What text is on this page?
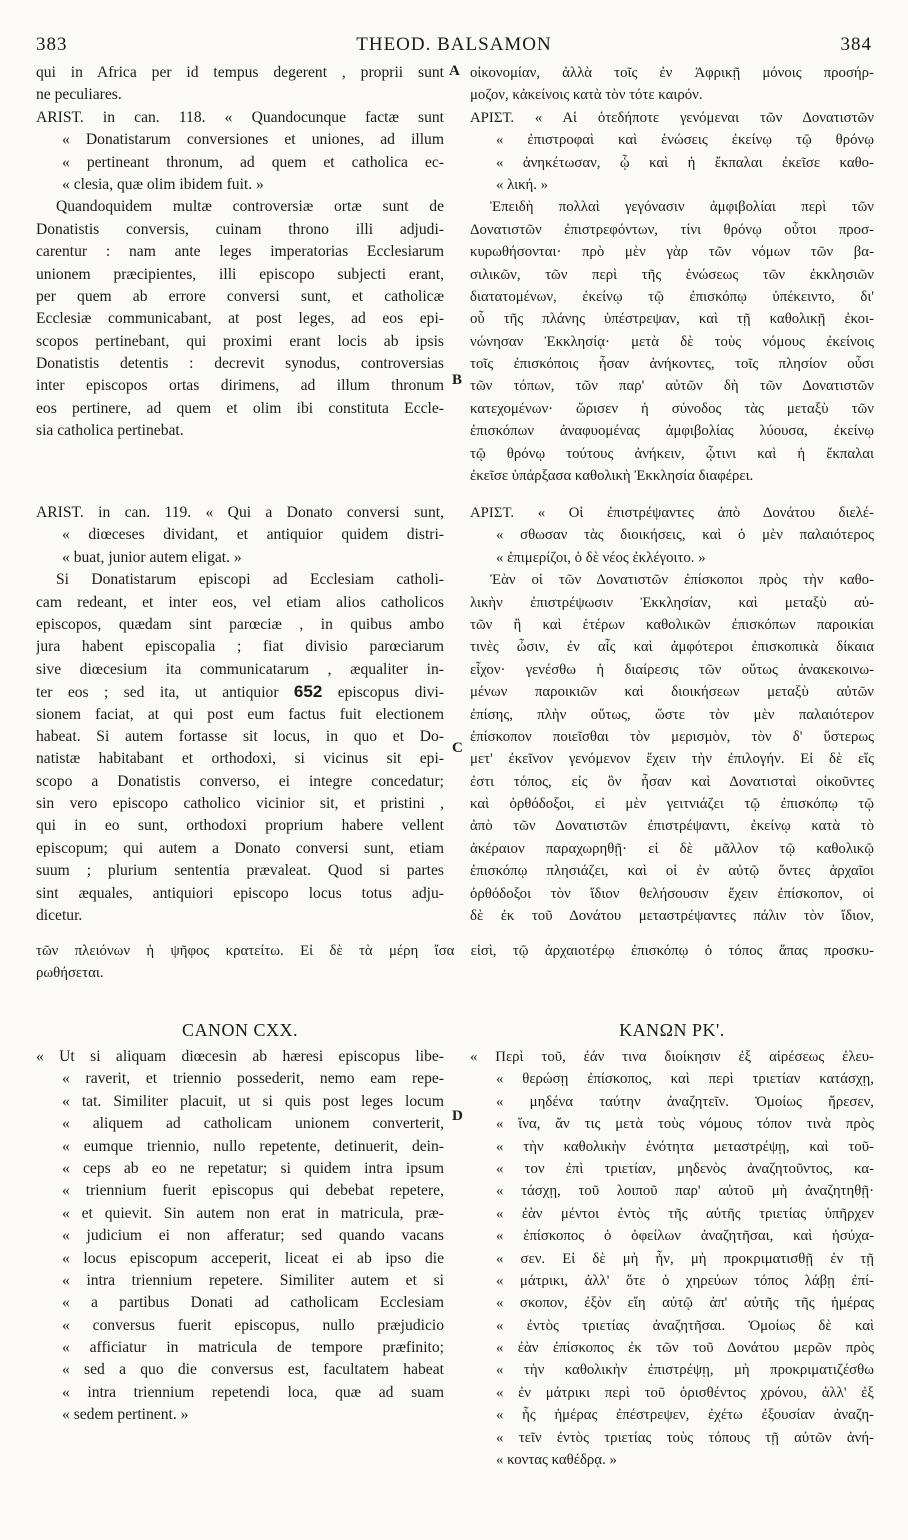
383	THEOD. BALSAMON	384
qui in Africa per id tempus degerent , proprii sunt
ne peculiares.
ARIST. in can. 118. « Quandocunque factæ sunt
« Donatistarum conversiones et uniones, ad illum
« pertineant thronum, ad quem et catholica ec-
« clesia, quæ olim ibidem fuit. »
Quandoquidem multæ controversiæ ortæ sunt de
Donatistis conversis, cuinam throno illi adjudi-
carentur : nam ante leges imperatorias Ecclesiarum
unionem præcipientes, illi episcopo subjecti erant,
per quem ab errore conversi sunt, et catholicæ
Ecclesiæ communicabant, at post leges, ad eos epi-
scopos pertinebant, qui proximi erant locis ab ipsis
Donatistis detentis : decrevit synodus, controversias
inter episcopos ortas dirimens, ad illum thronum
eos pertinere, ad quem et olim ibi constituta Eccle-
sia catholica pertinebat.
ARIST. in can. 119. « Qui a Donato conversi sunt,
« diœceses dividant, et antiquior quidem distri-
« buat, junior autem eligat. »
Si Donatistarum episcopi ad Ecclesiam catholi-
cam redeant, et inter eos, vel etiam alios catholicos
episcopos, quædam sint parœciæ , in quibus ambo
jura habent episcopalia ; fiat divisio parœciarum
sive diœcesium ita communicatarum , æqualiter in-
ter eos ; sed ita, ut antiquior 652 episcopus divi-
sionem faciat, at qui post eum factus fuit electionem
habeat. Si autem fortasse sit locus, in quo et Do-
natistæ habitabant et orthodoxi, si vicinus sit epi-
scopo a Donatistis converso, ei integre concedatur;
sin vero episcopo catholico vicinior sit, et pristini ,
qui in eo sunt, orthodoxi proprium habere vellent
episcopum; qui autem a Donato conversi sunt, etiam
suum ; plurium sententia prævaleat. Quod si partes
sint æquales, antiquiori episcopo locus totus adju-
dicetur.
οἰκονομίαν, ἀλλὰ τοῖς ἐν Ἀφρικῇ μόνοις προσήρ-
μοζον, κἀκείνοις κατὰ τὸν τότε καιρόν.
ΑΡΙΣΤ. « Αἱ ὁτεδήποτε γενόμεναι τῶν Δονατιστῶν
« ἐπιστροφαὶ καὶ ἑνώσεις ἐκείνῳ τῷ θρόνῳ
« ἀνηκέτωσαν, ᾧ καὶ ἡ ἔκπαλαι ἐκεῖσε καθο-
« λική. »
Ἐπειδὴ πολλαὶ γεγόνασιν ἀμφιβολίαι περὶ τῶν
Δονατιστῶν ἐπιστρεφόντων, τίνι θρόνῳ οὗτοι προσ-
κυρωθήσονται· πρὸ μὲν γὰρ τῶν νόμων τῶν βα-
σιλικῶν, τῶν περὶ τῆς ἑνώσεως τῶν ἐκκλησιῶν
διατατομένων, ἐκείνῳ τῷ ἐπισκόπῳ ὑπέκειντο, δι'
οὗ τῆς πλάνης ὑπέστρεψαν, καὶ τῇ καθολικῇ ἐκοι-
νώνησαν Ἐκκλησίᾳ· μετὰ δὲ τοὺς νόμους ἐκείνοις
τοῖς ἐπισκόποις ἦσαν ἀνήκοντες, τοῖς πλησίον οὖσι
τῶν τόπων, τῶν παρ' αὐτῶν δὴ τῶν Δονατιστῶν
κατεχομένων· ὥρισεν ἡ σύνοδος τὰς μεταξὺ τῶν
ἐπισκόπων ἀναφυομένας ἀμφιβολίας λύουσα, ἐκείνῳ
τῷ θρόνῳ τούτους ἀνήκειν, ᾧτινι καὶ ἡ ἔκπαλαι
ἐκεῖσε ὑπάρξασα καθολικὴ Ἐκκλησία διαφέρει.
ΑΡΙΣΤ. « Οἱ ἐπιστρέψαντες ἀπὸ Δονάτου διελέ-
« σθωσαν τὰς διοικήσεις, καὶ ὁ μὲν παλαιότερος
« ἐπιμερίζοι, ὁ δὲ νέος ἐκλέγοιτο. »
Ἐὰν οἱ τῶν Δονατιστῶν ἐπίσκοποι πρὸς τὴν καθο-
λικὴν ἐπιστρέψωσιν Ἐκκλησίαν, καὶ μεταξὺ αὐ-
τῶν ἢ καὶ ἑτέρων καθολικῶν ἐπισκόπων παροικίαι
τινὲς ὦσιν, ἐν αἷς καὶ ἀμφότεροι ἐπισκοπικὰ δίκαια
εἶχον· γενέσθω ἡ διαίρεσις τῶν οὕτως ἀνακεκοινω-
μένων παροικιῶν καὶ διοικήσεων μεταξὺ αὐτῶν
ἐπίσης, πλὴν οὕτως, ὥστε τὸν μὲν παλαιότερον
ἐπίσκοπον ποιεῖσθαι τὸν μερισμὸν, τὸν δ' ὕστερως
μετ' ἐκεῖνον γενόμενον ἔχειν τὴν ἐπιλογήν. Εἰ δὲ εἴς
ἐστι τόπος, εἰς ὃν ἦσαν καὶ Δονατισταὶ οἰκοῦντες
καὶ ὀρθόδοξοι, εἰ μὲν γειτνιάζει τῷ ἐπισκόπῳ τῷ
ἀπὸ τῶν Δονατιστῶν ἐπιστρέψαντι, ἐκείνῳ κατὰ τὸ
ἀκέραιον παραχωρηθῇ· εἰ δὲ μᾶλλον τῷ καθολικῷ
ἐπισκόπῳ πλησιάζει, καὶ οἱ ἐν αὐτῷ ὄντες ἀρχαῖοι
ὀρθόδοξοι τὸν ἴδιον θελήσουσιν ἔχειν ἐπίσκοπον, οἱ
δὲ ἐκ τοῦ Δονάτου μεταστρέψαντες πάλιν τὸν ἴδιον,
τῶν πλειόνων ἡ ψῆφος κρατείτω. Εἰ δὲ τὰ μέρη ἴσα εἰσὶ, τῷ ἀρχαιοτέρῳ ἐπισκόπῳ ὁ τόπος ἅπας προσκυ-
ρωθήσεται.
CANON CXX.	ΚΑΝΩΝ ΡΚ'.
« Ut si aliquam diœcesin ab hæresi episcopus libe-
« raverit, et triennio possederit, nemo eam repe-
« tat. Similiter placuit, ut si quis post leges locum
« aliquem ad catholicam unionem converterit,
« eumque triennio, nullo repetente, detinuerit, dein-
« ceps ab eo ne repetatur; si quidem intra ipsum
« triennium fuerit episcopus qui debebat repetere,
« et quievit. Sin autem non erat in matricula, præ-
« judicium ei non afferatur; sed quando vacans
« locus episcopum acceperit, liceat ei ab ipso die
« intra triennium repetere. Similiter autem et si
« a partibus Donati ad catholicam Ecclesiam
« conversus fuerit episcopus, nullo præjudicio
« afficiatur in matricula de tempore præfinito;
« sed a quo die conversus est, facultatem habeat
« intra triennium repetendi loca, quæ ad suam
« sedem pertinent. »
« Περὶ τοῦ, ἐάν τινα διοίκησιν ἐξ αἱρέσεως ἐλευ-
« θερώσῃ ἐπίσκοπος, καὶ περὶ τριετίαν κατάσχῃ,
« μηδένα ταύτην ἀναζητεῖν. Ὁμοίως ἤρεσεν,
« ἵνα, ἄν τις μετὰ τοὺς νόμους τόπον τινὰ πρὸς
« τὴν καθολικὴν ἑνότητα μεταστρέψῃ, καὶ τοῦ-
« τον ἐπὶ τριετίαν, μηδενὸς ἀναζητοῦντος, κα-
« τάσχῃ, τοῦ λοιποῦ παρ' αὐτοῦ μὴ ἀναζητηθῇ·
« ἐὰν μέντοι ἐντὸς τῆς αὐτῆς τριετίας ὑπῆρχεν
« ἐπίσκοπος ὁ ὀφείλων ἀναζητῆσαι, καὶ ἡσύχα-
« σεν. Εἰ δὲ μὴ ἦν, μὴ προκριματισθῇ ἐν τῇ
« μάτρικι, ἀλλ' ὅτε ὁ χηρεύων τόπος λάβῃ ἐπί-
« σκοπον, ἐξὸν εἴη αὐτῷ ἀπ' αὐτῆς τῆς ἡμέρας
« ἐντὸς τριετίας ἀναζητῆσαι. Ὁμοίως δὲ καὶ
« ἐὰν ἐπίσκοπος ἐκ τῶν τοῦ Δονάτου μερῶν πρὸς
« τὴν καθολικὴν ἐπιστρέψῃ, μὴ προκριματιζέσθω
« ἐν μάτρικι περὶ τοῦ ὁρισθέντος χρόνου, ἀλλ' ἐξ
« ἧς ἡμέρας ἐπέστρεψεν, ἐχέτω ἐξουσίαν ἀναζη-
« τεῖν ἐντὸς τριετίας τοὺς τόπους τῇ αὐτῶν ἀνή-
« κοντας καθέδρᾳ. »
A
B
C
D
